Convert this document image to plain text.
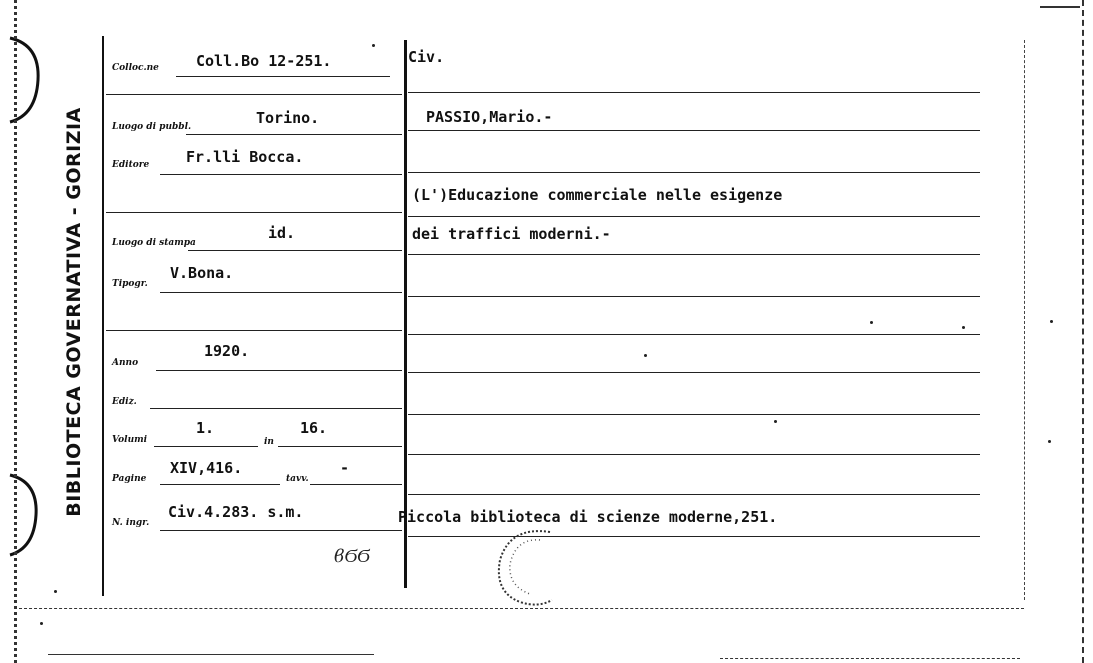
BIBLIOTECA GOVERNATIVA - GORIZIA
Colloc.ne Coll.Bo 12-251.
Luogo di pubbl.	Torino.
Editore Fr.lli Bocca.
Luogo di stampa
id.
Tipogr.
V.Bona.
Anno
1920.
Ediz.
Volumi
1.
in
16.
Pagine
XIV,416.
tavv.
-
N. ingr.
Civ.4.283. s.m.
ϐϬϬ
Civ.
PASSIO,Mario.-
(L')Educazione commerciale nelle esigenze
dei traffici moderni.-
Piccola biblioteca di scienze moderne,251.
